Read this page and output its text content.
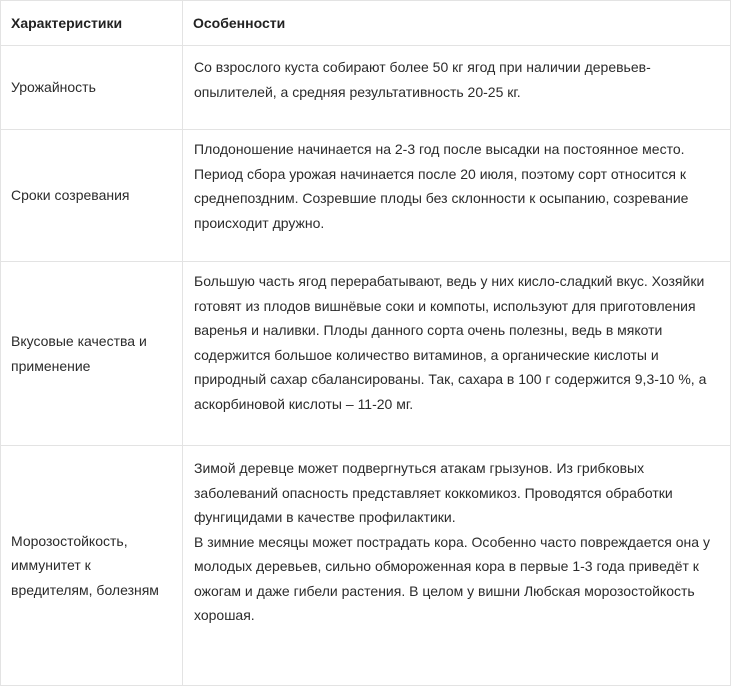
Характеристики	Особенности
Урожайность	Со взрослого куста собирают более 50 кг ягод при наличии деревьев-опылителей, а средняя результативность 20-25 кг.

Сроки созревания	Плодоношение начинается на 2-3 год после высадки на постоянное место. Период сбора урожая начинается после 20 июля, поэтому сорт относится к среднепоздним. Созревшие плоды без склонности к осыпанию, созревание происходит дружно.

Вкусовые качества и применение	Большую часть ягод перерабатывают, ведь у них кисло-сладкий вкус. Хозяйки готовят из плодов вишнёвые соки и компоты, используют для приготовления варенья и наливки. Плоды данного сорта очень полезны, ведь в мякоти содержится большое количество витаминов, а органические кислоты и природный сахар сбалансированы. Так, сахара в 100 г содержится 9,3-10 %, а аскорбиновой кислоты – 11-20 мг.

Морозостойкость, иммунитет к вредителям, болезням	Зимой деревце может подвергнуться атакам грызунов. Из грибковых заболеваний опасность представляет коккомикоз. Проводятся обработки фунгицидами в качестве профилактики.
В зимние месяцы может пострадать кора. Особенно часто повреждается она у молодых деревьев, сильно обмороженная кора в первые 1-3 года приведёт к ожогам и даже гибели растения. В целом у вишни Любская морозостойкость хорошая.
